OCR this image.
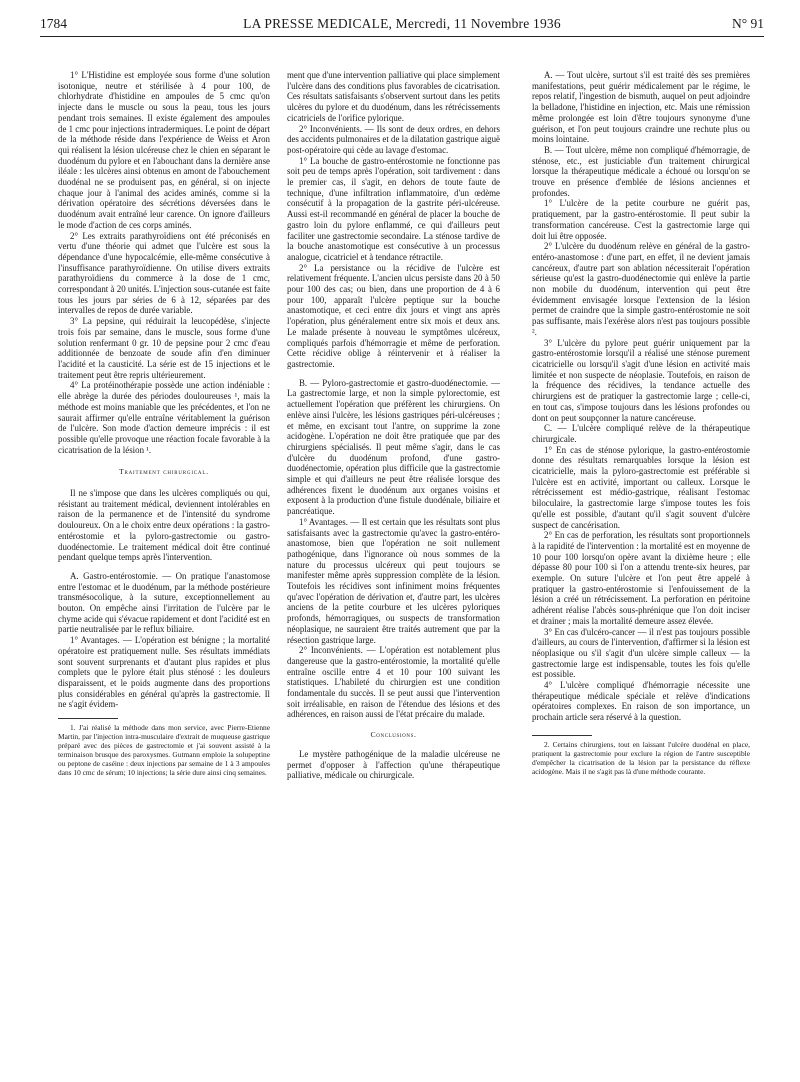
1784	LA PRESSE MEDICALE, Mercredi, 11 Novembre 1936	N° 91

1° L'Histidine est employée sous forme d'une solution isotonique, neutre et stérilisée à 4 pour 100, de chlorhydrate d'histidine en ampoules de 5 cmc qu'on injecte dans le muscle ou sous la peau, tous les jours pendant trois semaines. Il existe également des ampoules de 1 cmc pour injections intradermiques. Le point de départ de la méthode réside dans l'expérience de Weiss et Aron qui réalisent la lésion ulcéreuse chez le chien en séparant le duodénum du pylore et en l'abouchant dans la dernière anse iléale : les ulcères ainsi obtenus en amont de l'abouchement duodénal ne se produisent pas, en général, si on injecte chaque jour à l'animal des acides aminés, comme si la dérivation opératoire des sécrétions déversées dans le duodénum avait entraîné leur carence. On ignore d'ailleurs le mode d'action de ces corps aminés.

2° Les extraits parathyroïdiens ont été préconisés en vertu d'une théorie qui admet que l'ulcère est sous la dépendance d'une hypocalcémie, elle-même consécutive à l'insuffisance parathyroïdienne. On utilise divers extraits parathyroïdiens du commerce à la dose de 1 cmc, correspondant à 20 unités. L'injection sous-cutanée est faite tous les jours par séries de 6 à 12, séparées par des intervalles de repos de durée variable.

3° La pepsine, qui réduirait la leucopédèse, s'injecte trois fois par semaine, dans le muscle, sous forme d'une solution renfermant 0 gr. 10 de pepsine pour 2 cmc d'eau additionnée de benzoate de soude afin d'en diminuer l'acidité et la causticité. La série est de 15 injections et le traitement peut être repris ultérieurement.

4° La protéinothérapie possède une action indéniable : elle abrège la durée des périodes douloureuses ¹, mais la méthode est moins maniable que les précédentes, et l'on ne saurait affirmer qu'elle entraîne véritablement la guérison de l'ulcère. Son mode d'action demeure imprécis : il est possible qu'elle provoque une réaction focale favorable à la cicatrisation de la lésion ¹.

Traitement chirurgical.

Il ne s'impose que dans les ulcères compliqués ou qui, résistant au traitement médical, deviennent intolérables en raison de la permanence et de l'intensité du syndrome douloureux. On a le choix entre deux opérations : la gastro-entérostomie et la pyloro-gastrectomie ou gastro-duodénectomie. Le traitement médical doit être continué pendant quelque temps après l'intervention.

A. Gastro-entérostomie. — On pratique l'anastomose entre l'estomac et le duodénum, par la méthode postérieure transmésocolique, à la suture, exceptionnellement au bouton. On empêche ainsi l'irritation de l'ulcère par le chyme acide qui s'évacue rapidement et dont l'acidité est en partie neutralisée par le reflux biliaire.

1° Avantages. — L'opération est bénigne ; la mortalité opératoire est pratiquement nulle. Ses résultats immédiats sont souvent surprenants et d'autant plus rapides et plus complets que le pylore était plus sténosé : les douleurs disparaissent, et le poids augmente dans des proportions plus considérables en général qu'après la gastrectomie. Il ne s'agit évidem-

1. J'ai réalisé la méthode dans mon service, avec Pierre-Etienne Martin, par l'injection intra-musculaire d'extrait de muqueuse gastrique préparé avec des pièces de gastrectomie et j'ai souvent assisté à la terminaison brusque des paroxysmes. Gutmann emploie la solupeptine ou peptone de caséine : deux injections par semaine de 1 à 3 ampoules dans 10 cmc de sérum; 10 injections; la série dure ainsi cinq semaines.

ment que d'une intervention palliative qui place simplement l'ulcère dans des conditions plus favorables de cicatrisation. Ces résultats satisfaisants s'observent surtout dans les petits ulcères du pylore et du duodénum, dans les rétrécissements cicatriciels de l'orifice pylorique.

2° Inconvénients. — Ils sont de deux ordres, en dehors des accidents pulmonaires et de la dilatation gastrique aiguë post-opératoire qui cède au lavage d'estomac.

1° La bouche de gastro-entérostomie ne fonctionne pas soit peu de temps après l'opération, soit tardivement : dans le premier cas, il s'agit, en dehors de toute faute de technique, d'une infiltration inflammatoire, d'un œdème consécutif à la propagation de la gastrite péri-ulcéreuse. Aussi est-il recommandé en général de placer la bouche de gastro loin du pylore enflammé, ce qui d'ailleurs peut faciliter une gastrectomie secondaire. La sténose tardive de la bouche anastomotique est consécutive à un processus analogue, cicatriciel et à tendance rétractile.

2° La persistance ou la récidive de l'ulcère est relativement fréquente. L'ancien ulcus persiste dans 20 à 50 pour 100 des cas; ou bien, dans une proportion de 4 à 6 pour 100, apparaît l'ulcère peptique sur la bouche anastomotique, et ceci entre dix jours et vingt ans après l'opération, plus généralement entre six mois et deux ans. Le malade présente à nouveau le symptômes ulcéreux, compliqués parfois d'hémorragie et même de perforation. Cette récidive oblige à réintervenir et à réaliser la gastrectomie.

B. — Pyloro-gastrectomie et gastro-duodénectomie. — La gastrectomie large, et non la simple pylorectomie, est actuellement l'opération que préfèrent les chirurgiens. On enlève ainsi l'ulcère, les lésions gastriques péri-ulcéreuses ; et même, en excisant tout l'antre, on supprime la zone acidogène. L'opération ne doit être pratiquée que par des chirurgiens spécialisés. Il peut même s'agir, dans le cas d'ulcère du duodénum profond, d'une gastro-duodénectomie, opération plus difficile que la gastrectomie simple et qui d'ailleurs ne peut être réalisée lorsque des adhérences fixent le duodénum aux organes voisins et exposent à la production d'une fistule duodénale, biliaire et pancréatique.

1° Avantages. — Il est certain que les résultats sont plus satisfaisants avec la gastrectomie qu'avec la gastro-entéro-anastomose, bien que l'opération ne soit nullement pathogénique, dans l'ignorance où nous sommes de la nature du processus ulcéreux qui peut toujours se manifester même après suppression complète de la lésion. Toutefois les récidives sont infiniment moins fréquentes qu'avec l'opération de dérivation et, d'autre part, les ulcères anciens de la petite courbure et les ulcères pyloriques profonds, hémorragiques, ou suspects de transformation néoplasique, ne sauraient être traités autrement que par la résection gastrique large.

2° Inconvénients. — L'opération est notablement plus dangereuse que la gastro-entérostomie, la mortalité qu'elle entraîne oscille entre 4 et 10 pour 100 suivant les statistiques. L'habileté du chirurgien est une condition fondamentale du succès. Il se peut aussi que l'intervention soit irréalisable, en raison de l'étendue des lésions et des adhérences, en raison aussi de l'état précaire du malade.

Conclusions.

Le mystère pathogénique de la maladie ulcéreuse ne permet d'opposer à l'affection qu'une thérapeutique palliative, médicale ou chirurgicale.

A. — Tout ulcère, surtout s'il est traité dès ses premières manifestations, peut guérir médicalement par le régime, le repos relatif, l'ingestion de bismuth, auquel on peut adjoindre la belladone, l'histidine en injection, etc. Mais une rémission même prolongée est loin d'être toujours synonyme d'une guérison, et l'on peut toujours craindre une rechute plus ou moins lointaine.

B. — Tout ulcère, même non compliqué d'hémorragie, de sténose, etc., est justiciable d'un traitement chirurgical lorsque la thérapeutique médicale a échoué ou lorsqu'on se trouve en présence d'emblée de lésions anciennes et profondes.

1° L'ulcère de la petite courbure ne guérit pas, pratiquement, par la gastro-entérostomie. Il peut subir la transformation cancéreuse. C'est la gastrectomie large qui doit lui être opposée.

2° L'ulcère du duodénum relève en général de la gastro-entéro-anastomose : d'une part, en effet, il ne devient jamais cancéreux, d'autre part son ablation nécessiterait l'opération sérieuse qu'est la gastro-duodénectomie qui enlève la partie non mobile du duodénum, intervention qui peut être évidemment envisagée lorsque l'extension de la lésion permet de craindre que la simple gastro-entérostomie ne soit pas suffisante, mais l'exérèse alors n'est pas toujours possible ².

3° L'ulcère du pylore peut guérir uniquement par la gastro-entérostomie lorsqu'il a réalisé une sténose purement cicatricielle ou lorsqu'il s'agit d'une lésion en activité mais limitée et non suspecte de néoplasie. Toutefois, en raison de la fréquence des récidives, la tendance actuelle des chirurgiens est de pratiquer la gastrectomie large ; celle-ci, en tout cas, s'impose toujours dans les lésions profondes ou dont on peut soupçonner la nature cancéreuse.

C. — L'ulcère compliqué relève de la thérapeutique chirurgicale.

1° En cas de sténose pylorique, la gastro-entérostomie donne des résultats remarquables lorsque la lésion est cicatricielle, mais la pyloro-gastrectomie est préférable si l'ulcère est en activité, important ou calleux. Lorsque le rétrécissement est médio-gastrique, réalisant l'estomac biloculaire, la gastrectomie large s'impose toutes les fois qu'elle est possible, d'autant qu'il s'agit souvent d'ulcère suspect de cancérisation.

2° En cas de perforation, les résultats sont proportionnels à la rapidité de l'intervention : la mortalité est en moyenne de 10 pour 100 lorsqu'on opère avant la dixième heure ; elle dépasse 80 pour 100 si l'on a attendu trente-six heures, par exemple. On suture l'ulcère et l'on peut être appelé à pratiquer la gastro-entérostomie si l'enfouissement de la lésion a créé un rétrécissement. La perforation en péritoine adhérent réalise l'abcès sous-phrénique que l'on doit inciser et drainer ; mais la mortalité demeure assez élevée.

3° En cas d'ulcéro-cancer — il n'est pas toujours possible d'ailleurs, au cours de l'intervention, d'affirmer si la lésion est néoplasique ou s'il s'agit d'un ulcère simple calleux — la gastrectomie large est indispensable, toutes les fois qu'elle est possible.

4° L'ulcère compliqué d'hémorragie nécessite une thérapeutique médicale spéciale et relève d'indications opératoires complexes. En raison de son importance, un prochain article sera réservé à la question.

2. Certains chirurgiens, tout en laissant l'ulcère duodénal en place, pratiquent la gastrectomie pour exclure la région de l'antre susceptible d'empêcher la cicatrisation de la lésion par la persistance du réflexe acidogène. Mais il ne s'agit pas là d'une méthode courante.
